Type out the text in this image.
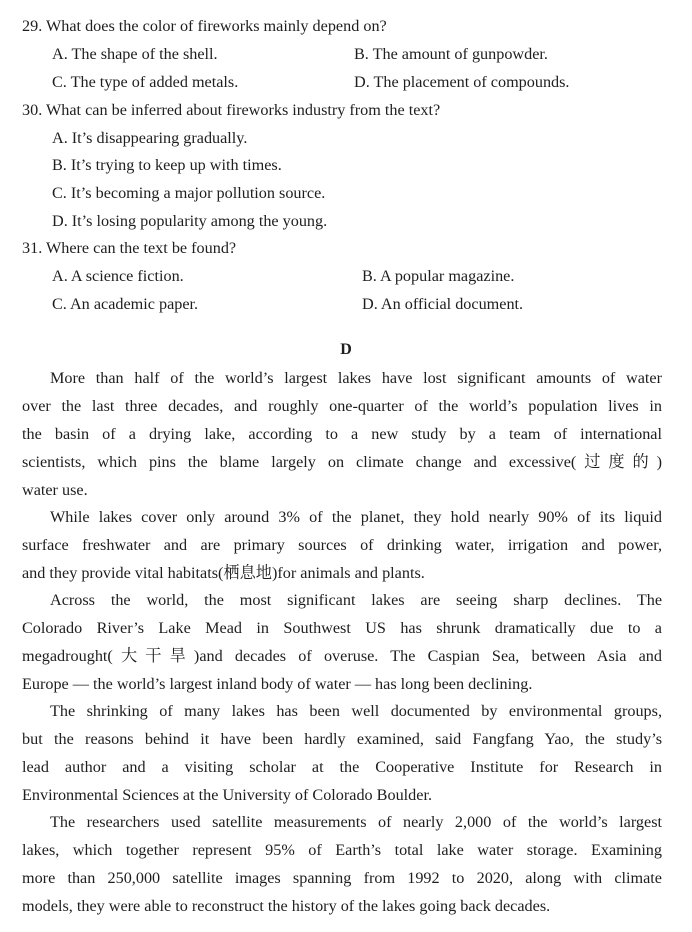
29. What does the color of fireworks mainly depend on?
A. The shape of the shell.	B. The amount of gunpowder.
C. The type of added metals.	D. The placement of compounds.
30. What can be inferred about fireworks industry from the text?
A. It’s disappearing gradually.
B. It’s trying to keep up with times.
C. It’s becoming a major pollution source.
D. It’s losing popularity among the young.
31. Where can the text be found?
A. A science fiction.	B. A popular magazine.
C. An academic paper.	D. An official document.
D
More than half of the world’s largest lakes have lost significant amounts of water
over the last three decades, and roughly one-quarter of the world’s population lives in
the basin of a drying lake, according to a new study by a team of international
scientists, which pins the blame largely on climate change and excessive(过度的)
water use.
While lakes cover only around 3% of the planet, they hold nearly 90% of its liquid
surface freshwater and are primary sources of drinking water, irrigation and power,
and they provide vital habitats(栖息地)for animals and plants.
Across the world, the most significant lakes are seeing sharp declines. The
Colorado River’s Lake Mead in Southwest US has shrunk dramatically due to a
megadrought(大干旱)and decades of overuse. The Caspian Sea, between Asia and
Europe — the world’s largest inland body of water — has long been declining.
The shrinking of many lakes has been well documented by environmental groups,
but the reasons behind it have been hardly examined, said Fangfang Yao, the study’s
lead author and a visiting scholar at the Cooperative Institute for Research in
Environmental Sciences at the University of Colorado Boulder.
The researchers used satellite measurements of nearly 2,000 of the world’s largest
lakes, which together represent 95% of Earth’s total lake water storage. Examining
more than 250,000 satellite images spanning from 1992 to 2020, along with climate
models, they were able to reconstruct the history of the lakes going back decades.
